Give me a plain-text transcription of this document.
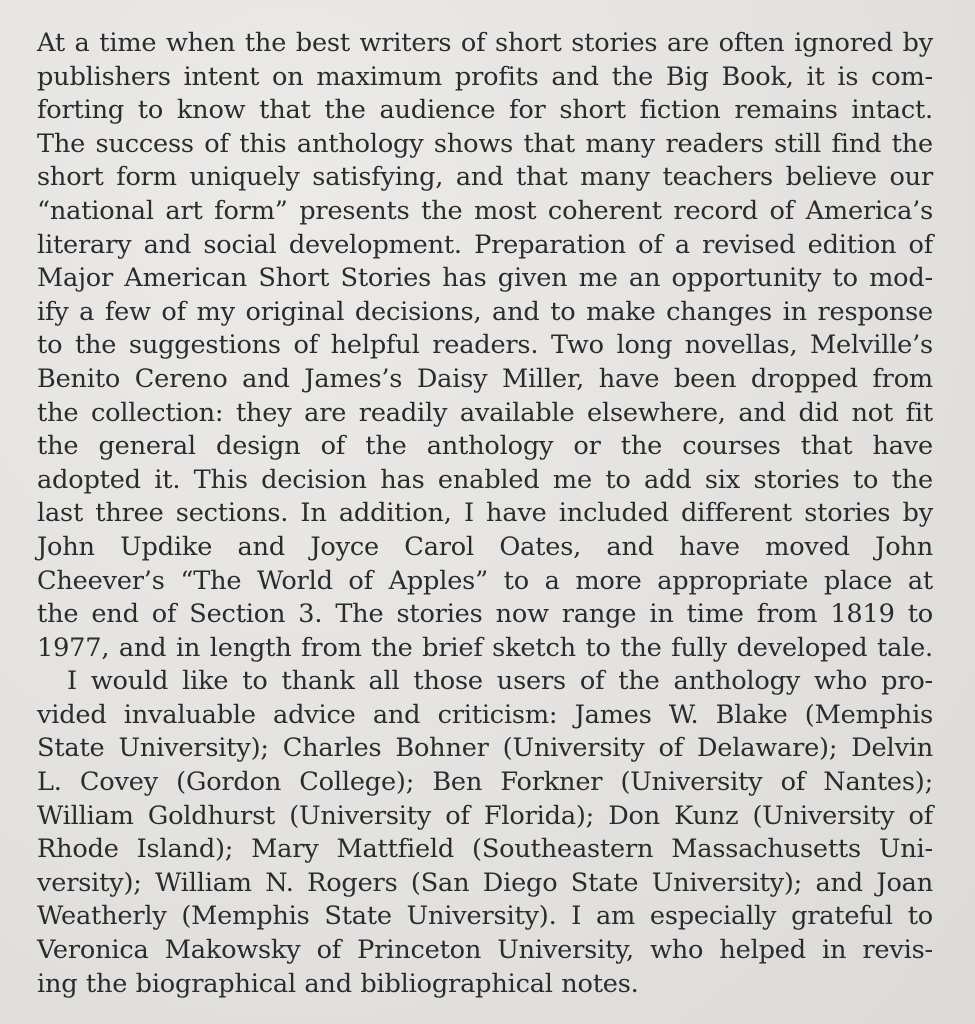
At a time when the best writers of short stories are often ignored by
publishers intent on maximum profits and the Big Book, it is com-
forting to know that the audience for short fiction remains intact.
The success of this anthology shows that many readers still find the
short form uniquely satisfying, and that many teachers believe our
“national art form” presents the most coherent record of America’s
literary and social development. Preparation of a revised edition of
Major American Short Stories has given me an opportunity to mod-
ify a few of my original decisions, and to make changes in response
to the suggestions of helpful readers. Two long novellas, Melville’s
Benito Cereno and James’s Daisy Miller, have been dropped from
the collection: they are readily available elsewhere, and did not fit
the general design of the anthology or the courses that have
adopted it. This decision has enabled me to add six stories to the
last three sections. In addition, I have included different stories by
John Updike and Joyce Carol Oates, and have moved John
Cheever’s “The World of Apples” to a more appropriate place at
the end of Section 3. The stories now range in time from 1819 to
1977, and in length from the brief sketch to the fully developed tale.
I would like to thank all those users of the anthology who pro-
vided invaluable advice and criticism: James W. Blake (Memphis
State University); Charles Bohner (University of Delaware); Delvin
L. Covey (Gordon College); Ben Forkner (University of Nantes);
William Goldhurst (University of Florida); Don Kunz (University of
Rhode Island); Mary Mattfield (Southeastern Massachusetts Uni-
versity); William N. Rogers (San Diego State University); and Joan
Weatherly (Memphis State University). I am especially grateful to
Veronica Makowsky of Princeton University, who helped in revis-
ing the biographical and bibliographical notes.
